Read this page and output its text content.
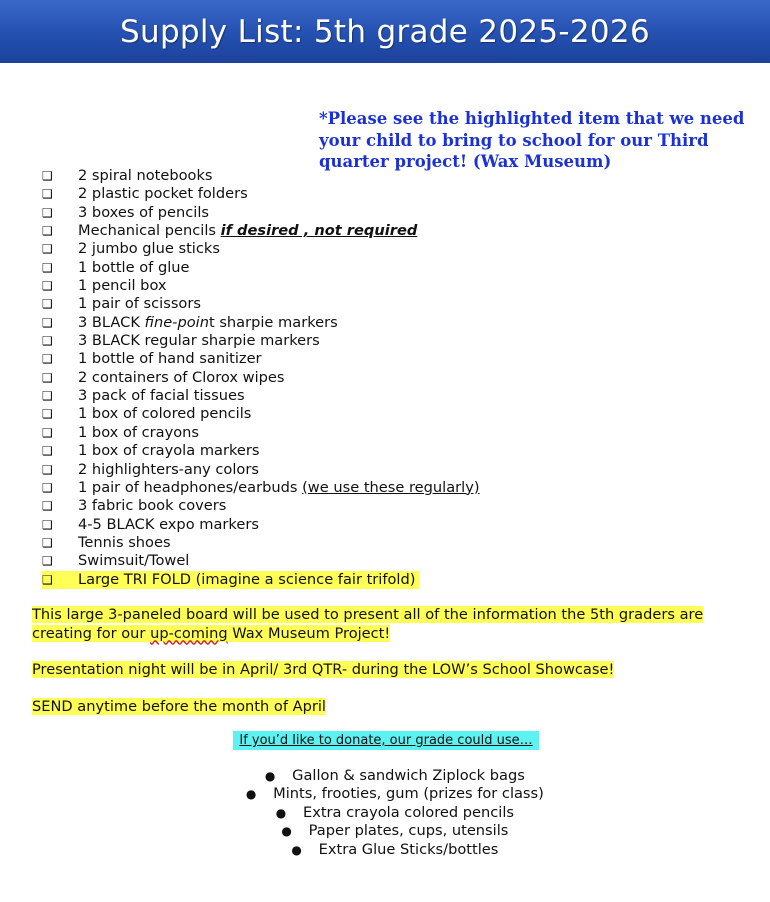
Supply List: 5th grade 2025-2026
*Please see the highlighted item that we need your child to bring to school for our Third quarter project! (Wax Museum)
❑ 2 spiral notebooks
❑ 2 plastic pocket folders
❑ 3 boxes of pencils
❑ Mechanical pencils if desired , not required
❑ 2 jumbo glue sticks
❑ 1 bottle of glue
❑ 1 pencil box
❑ 1 pair of scissors
❑ 3 BLACK fine-point sharpie markers
❑ 3 BLACK regular sharpie markers
❑ 1 bottle of hand sanitizer
❑ 2 containers of Clorox wipes
❑ 3 pack of facial tissues
❑ 1 box of colored pencils
❑ 1 box of crayons
❑ 1 box of crayola markers
❑ 2 highlighters-any colors
❑ 1 pair of headphones/earbuds (we use these regularly)
❑ 3 fabric book covers
❑ 4-5 BLACK expo markers
❑ Tennis shoes
❑ Swimsuit/Towel
❑ Large TRI FOLD (imagine a science fair trifold)
This large 3-paneled board will be used to present all of the information the 5th graders are creating for our up-coming Wax Museum Project!
Presentation night will be in April/ 3rd QTR- during the LOW’s School Showcase!
SEND anytime before the month of April
If you’d like to donate, our grade could use…
● Gallon & sandwich Ziplock bags
● Mints, frooties, gum (prizes for class)
● Extra crayola colored pencils
● Paper plates, cups, utensils
● Extra Glue Sticks/bottles
